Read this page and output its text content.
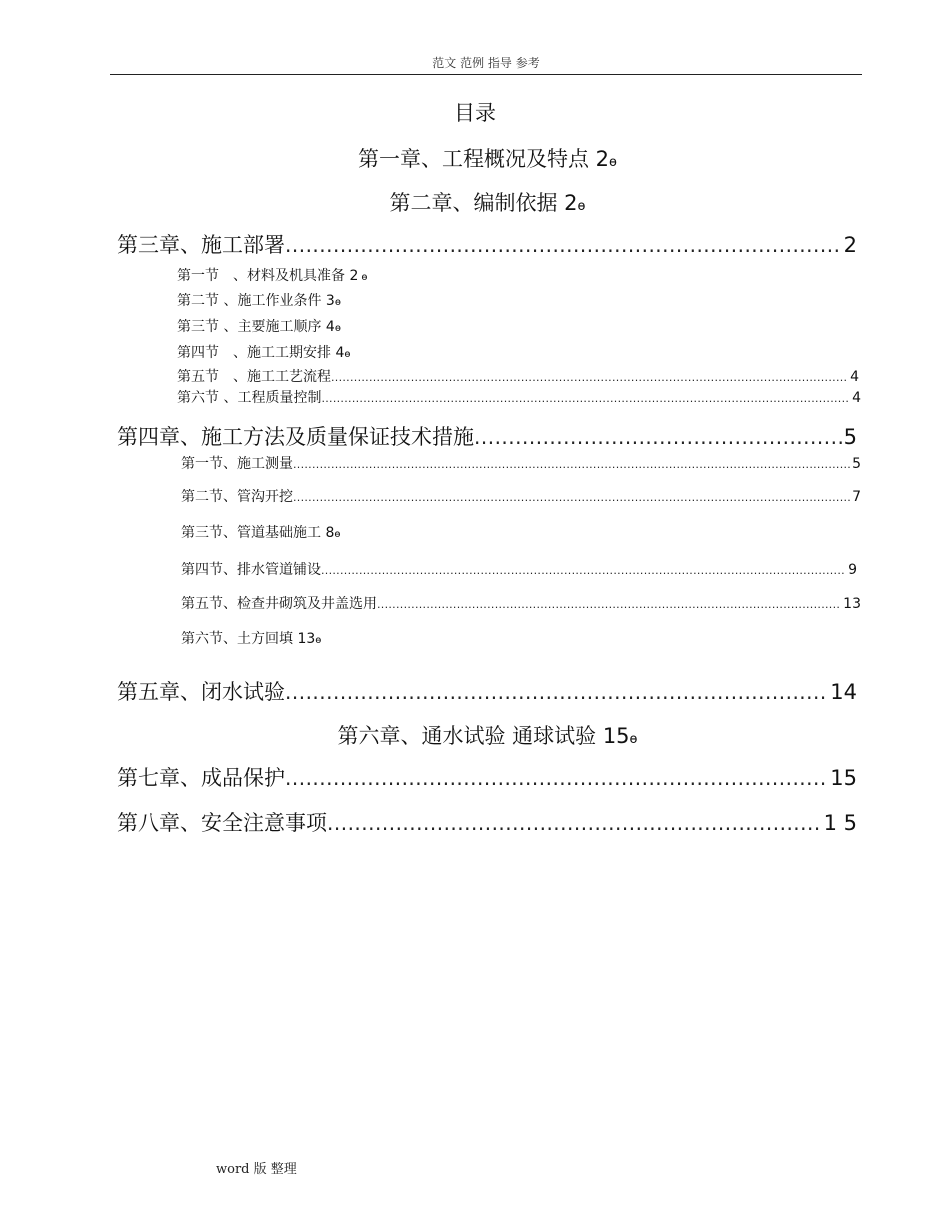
范文 范例 指导 参考
目录
第一章、工程概况及特点 2ɵ
第二章、编制依据 2ɵ
第三章、施工部署 .....	2
第一节　、材料及机具准备 2 ɵ
第二节 、施工作业条件 3 ɵ
第三节 、主要施工顺序 4 ɵ
第四节　、施工工期安排 4 ɵ
第五节　、施工工艺流程 .....	4
第六节 、工程质量控制 .....	4
第四章、施工方法及质量保证技术措施 .....	5
第一节、施工测量 .....	5
第二节、管沟开挖 .....	7
第三节、管道基础施工 8 ɵ
第四节、排水管道铺设 .....	9
第五节、检查井砌筑及井盖选用 .....	13
第六节、土方回填 13 ɵ
第五章、闭水试验 .....	14
第六章、通水试验 通球试验 15ɵ
第七章、成品保护 .....	15
第八章、安全注意事项 .....	1 5
word 版 整理
